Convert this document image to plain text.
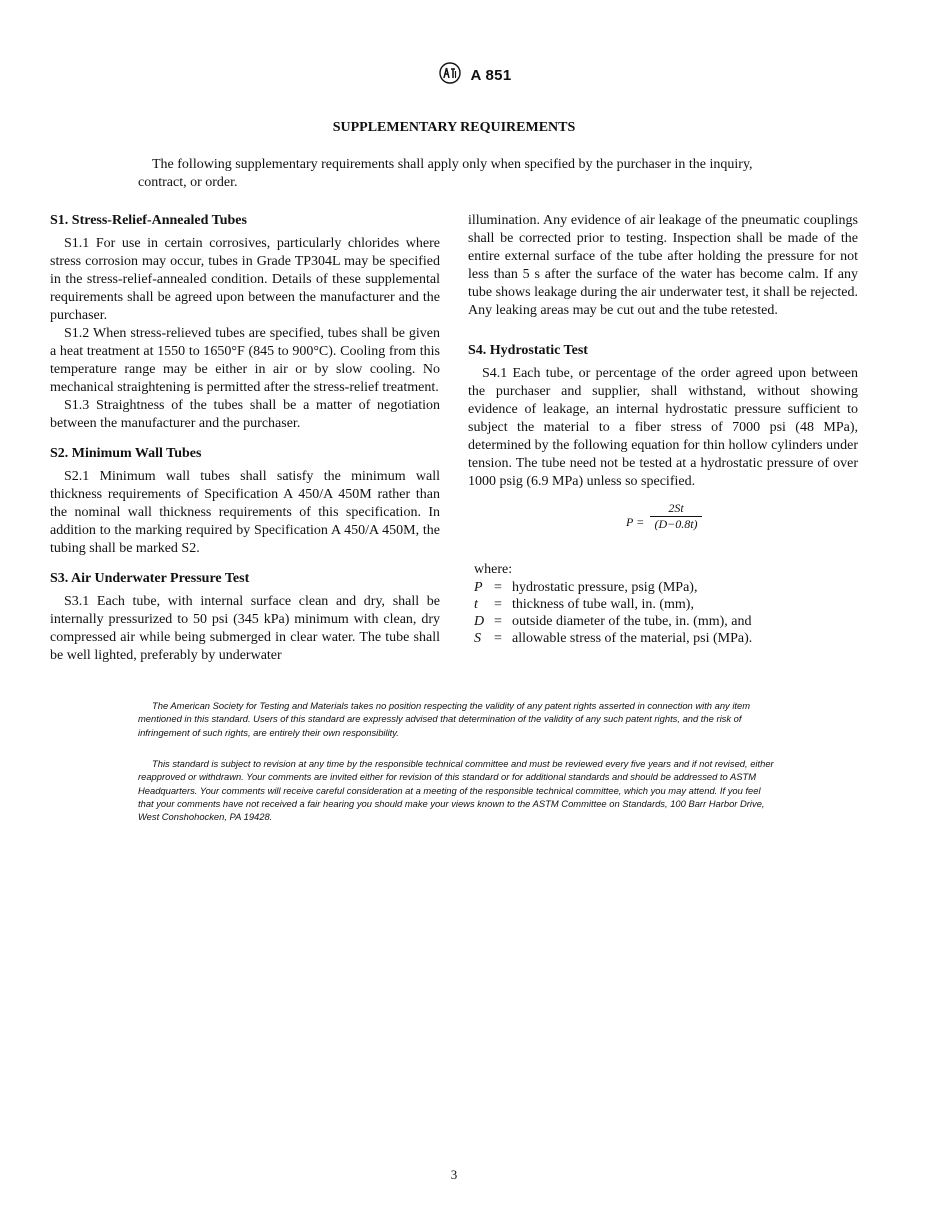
A 851
SUPPLEMENTARY REQUIREMENTS

The following supplementary requirements shall apply only when specified by the purchaser in the inquiry, contract, or order.

S1. Stress-Relief-Annealed Tubes

S1.1 For use in certain corrosives, particularly chlorides where stress corrosion may occur, tubes in Grade TP304L may be specified in the stress-relief-annealed condition. Details of these supplemental requirements shall be agreed upon between the manufacturer and the purchaser.

S1.2 When stress-relieved tubes are specified, tubes shall be given a heat treatment at 1550 to 1650°F (845 to 900°C). Cooling from this temperature range may be either in air or by slow cooling. No mechanical straightening is permitted after the stress-relief treatment.

S1.3 Straightness of the tubes shall be a matter of negotiation between the manufacturer and the purchaser.

S2. Minimum Wall Tubes

S2.1 Minimum wall tubes shall satisfy the minimum wall thickness requirements of Specification A 450/A 450M rather than the nominal wall thickness requirements of this specification. In addition to the marking required by Specification A 450/A 450M, the tubing shall be marked S2.

S3. Air Underwater Pressure Test

S3.1 Each tube, with internal surface clean and dry, shall be internally pressurized to 50 psi (345 kPa) minimum with clean, dry compressed air while being submerged in clear water. The tube shall be well lighted, preferably by underwater

illumination. Any evidence of air leakage of the pneumatic couplings shall be corrected prior to testing. Inspection shall be made of the entire external surface of the tube after holding the pressure for not less than 5 s after the surface of the water has become calm. If any tube shows leakage during the air underwater test, it shall be rejected. Any leaking areas may be cut out and the tube retested.

S4. Hydrostatic Test

S4.1 Each tube, or percentage of the order agreed upon between the purchaser and supplier, shall withstand, without showing evidence of leakage, an internal hydrostatic pressure sufficient to subject the material to a fiber stress of 7000 psi (48 MPa), determined by the following equation for thin hollow cylinders under tension. The tube need not be tested at a hydrostatic pressure of over 1000 psig (6.9 MPa) unless so specified.

$P = \frac{2St}{(D-0.8t)}$
where:
P	=	hydrostatic pressure, psig (MPa),
t	=	thickness of tube wall, in. (mm),
D	=	outside diameter of the tube, in. (mm), and
S	=	allowable stress of the material, psi (MPa).

The American Society for Testing and Materials takes no position respecting the validity of any patent rights asserted in connection with any item mentioned in this standard. Users of this standard are expressly advised that determination of the validity of any such patent rights, and the risk of infringement of such rights, are entirely their own responsibility.

This standard is subject to revision at any time by the responsible technical committee and must be reviewed every five years and if not revised, either reapproved or withdrawn. Your comments are invited either for revision of this standard or for additional standards and should be addressed to ASTM Headquarters. Your comments will receive careful consideration at a meeting of the responsible technical committee, which you may attend. If you feel that your comments have not received a fair hearing you should make your views known to the ASTM Committee on Standards, 100 Barr Harbor Drive, West Conshohocken, PA 19428.

3
